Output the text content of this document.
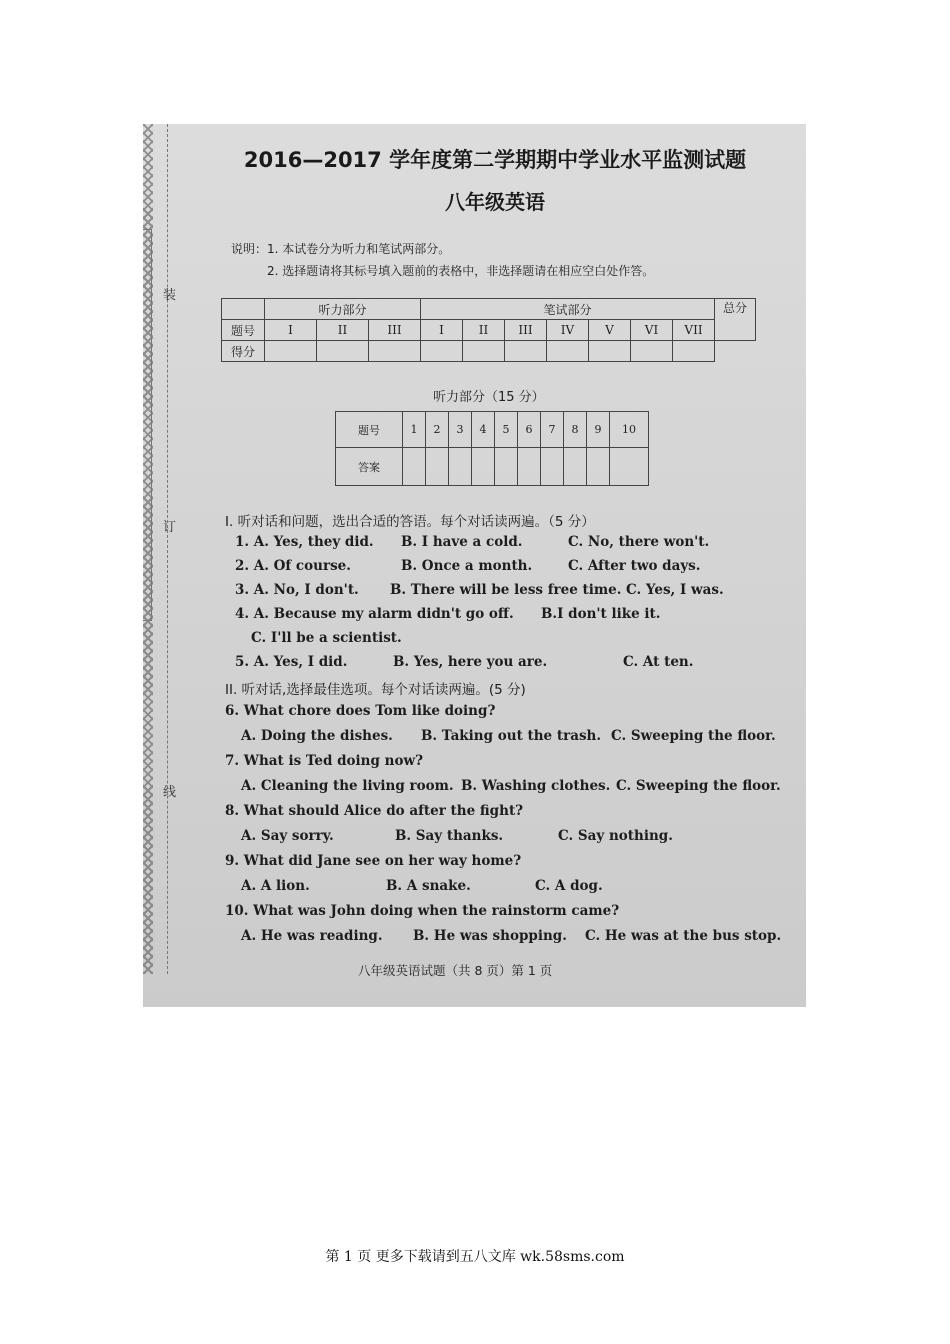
装
订
线
2016—2017 学年度第二学期期中学业水平监测试题
八年级英语
说明：1. 本试卷分为听力和笔试两部分。
2. 选择题请将其标号填入题前的表格中，非选择题请在相应空白处作答。
	听力部分			笔试部分							总分
题号	I	II	III	I	II	III	IV	V	VI	VII	
得分											
听力部分（15 分）
题号	1	2	3	4	5	6	7	8	9	10
答案										
I. 听对话和问题，选出合适的答语。每个对话读两遍。（5 分）
1. A. Yes, they did. B. I have a cold.	C. No, there won't.
2. A. Of course.	B. Once a month.	C. After two days.
3. A. No, I don't. B. There will be less free time. C. Yes, I was.
4. A. Because my alarm didn't go off. B.I don't like it.
C. I'll be a scientist.
5. A. Yes, I did.	B. Yes, here you are.	C. At ten.
II. 听对话,选择最佳选项。每个对话读两遍。(5 分)
6. What chore does Tom like doing?
A. Doing the dishes. B. Taking out the trash. C. Sweeping the floor.
7. What is Ted doing now?
A. Cleaning the living room. B. Washing clothes. C. Sweeping the floor.
8. What should Alice do after the fight?
A. Say sorry.	B. Say thanks.	C. Say nothing.
9. What did Jane see on her way home?
A. A lion.	B. A snake.	C. A dog.
10. What was John doing when the rainstorm came?
A. He was reading. B. He was shopping. C. He was at the bus stop.
八年级英语试题（共 8 页）第 1 页
第 1 页 更多下载请到五八文库 wk.58sms.com
